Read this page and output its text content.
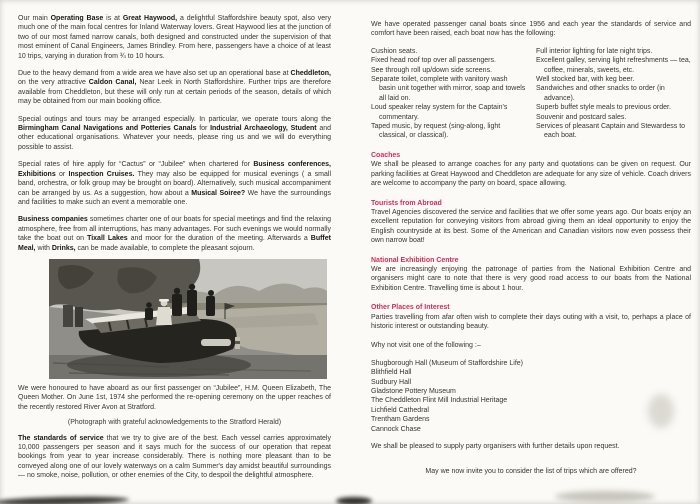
Our main Operating Base is at Great Haywood, a delightful Staffordshire beauty spot, also very much one of the main focal centres for Inland Waterway lovers. Great Haywood lies at the junction of two of our most famed narrow canals, both designed and constructed under the supervision of that most eminent of Canal Engineers, James Brindley. From here, passengers have a choice of at least 10 trips, varying in duration from ¾ to 10 hours.

Due to the heavy demand from a wide area we have also set up an operational base at Cheddleton, on the very attractive Caldon Canal, Near Leek in North Staffordshire. Further trips are therefore available from Cheddleton, but these will only run at certain periods of the season, details of which may be obtained from our main booking office.

Special outings and tours may be arranged especially. In particular, we operate tours along the Birmingham Canal Navigations and Potteries Canals for Industrial Archaeology, Student and other educational organisations. Whatever your needs, please ring us and we will do everything possible to assist.

Special rates of hire apply for “Cactus” or “Jubilee” when chartered for Business conferences, Exhibitions or Inspection Cruises. They may also be equipped for musical evenings ( a small band, orchestra, or folk group may be brought on board). Alternatively, such musical accompaniment can be arranged by us. As a suggestion, how about a Musical Soiree? We have the surroundings and facilities to make such an event a memorable one.

Business companies sometimes charter one of our boats for special meetings and find the relaxing atmosphere, free from all interruptions, has many advantages. For such evenings we would normally take the boat out on Tixall Lakes and moor for the duration of the meeting. Afterwards a Buffet Meal, with Drinks, can be made available, to complete the pleasant sojourn.

We were honoured to have aboard as our first passenger on “Jubilee”, H.M. Queen Elizabeth, The Queen Mother. On June 1st, 1974 she performed the re-opening ceremony on the upper reaches of the recently restored River Avon at Stratford.

(Photograph with grateful acknowledgements to the Stratford Herald)

The standards of service that we try to give are of the best. Each vessel carries approximately 10,000 passengers per season and it says much for the success of our operation that repeat bookings from year to year increase considerably. There is nothing more pleasant than to be conveyed along one of our lovely waterways on a calm Summer's day amidst beautiful surroundings — no smoke, noise, pollution, or other enemies of the City, to despoil the delightful atmosphere.

We have operated passenger canal boats since 1956 and each year the standards of service and comfort have been raised, each boat now has the following:

Cushion seats.
Fixed head roof top over all passengers.
See through roll up/down side screens.
Separate toilet, complete with vanitory wash basin unit together with mirror, soap and towels all laid on.
Loud speaker relay system for the Captain's commentary.
Taped music, by request (sing-along, light classical, or classical).
Full interior lighting for late night trips.
Excellent galley, serving light refreshments — tea, coffee, minerals, sweets, etc.
Well stocked bar, with keg beer.
Sandwiches and other snacks to order (in advance).
Superb buffet style meals to previous order.
Souvenir and postcard sales.
Services of pleasant Captain and Stewardess to each boat.
Coaches

We shall be pleased to arrange coaches for any party and quotations can be given on request. Our parking facilities at Great Haywood and Cheddleton are adequate for any size of vehicle. Coach drivers are welcome to accompany the party on board, space allowing.

Tourists from Abroad

Travel Agencies discovered the service and facilities that we offer some years ago. Our boats enjoy an excellent reputation for conveying visitors from abroad giving them an ideal opportunity to enjoy the English countryside at its best. Some of the American and Canadian visitors now even possess their own narrow boat!

National Exhibition Centre

We are increasingly enjoying the patronage of parties from the National Exhibition Centre and organisers might care to note that there is very good road access to our boats from the National Exhibition Centre. Travelling time is about 1 hour.

Other Places of Interest

Parties travelling from afar often wish to complete their days outing with a visit, to, perhaps a place of historic interest or outstanding beauty.

Why not visit one of the following :–

Shugborough Hall (Museum of Staffordshire Life)
Blithfield Hall
Sudbury Hall
Gladstone Pottery Museum
The Cheddleton Flint Mill Industrial Heritage
Lichfield Cathedral
Trentham Gardens
Cannock Chase

We shall be pleased to supply party organisers with further details upon request.

May we now invite you to consider the list of trips which are offered?
